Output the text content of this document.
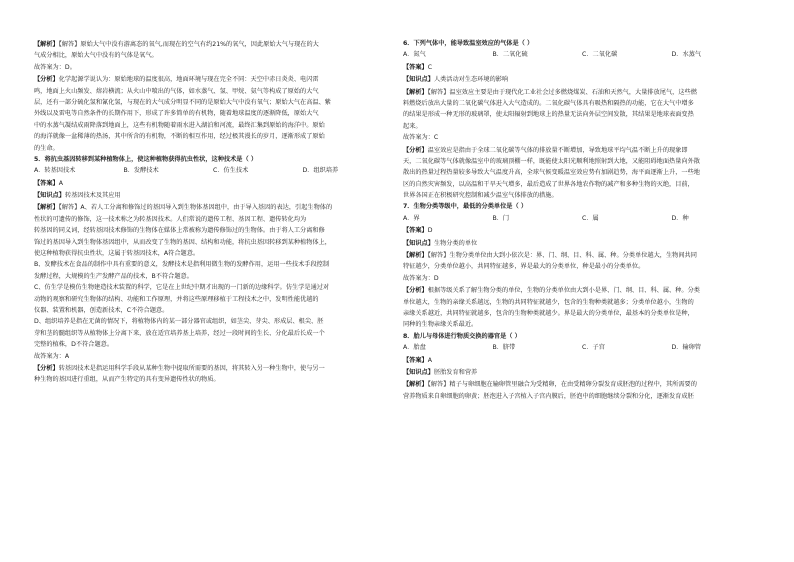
【解析】【解答】原始大气中没有游离态的氧气,而现在的空气有约21%的氧气，因此原始大气与现在的大
气成分相比，原始大气中没有的气体是氧气。
故答案为：D。
【分析】化学起源学说认为：原始地球的温度很高，地面环境与现在完全不同：天空中赤日炎炎、电闪雷
鸣，地面上火山频发、熔岩横流；从火山中喷出的气体，如水蒸气、氢、甲烷、氨气等构成了原始的大气
层，还有一部分硫化氢和氰化氢，与现在的大气成分明显不同的是原始大气中没有氧气；原始大气在高温、紫
外线以及雷电等自然条件的长期作用下，形成了许多简单的有机物，随着地球温度的逐渐降低，原始大气
中的水蒸气凝结成雨降落到地面上，这些有机物随着雨水进入湖泊和河流，最终汇集到原始的海洋中。原始
的海洋就像一盆稀薄的热汤，其中所含的有机物，不断的相互作用，经过极其漫长的岁月，逐渐形成了原始
的生命。
5．将抗虫基因转移到某种植物体上，使这种植物获得抗虫性状，这种技术是（ ）
A．转基因技术	B．发酵技术	C．仿生技术	D．组织培养
【答案】A
【知识点】转基因技术及其应用
【解析】【解答】A、若人工分离和修饰过的基因导入到生物体基因组中，由于导入基因的表达，引起生物体的
性状的可遗传的修饰，这一技术称之为转基因技术。人们常说的遗传工程、基因工程、遗传转化均为
转基因的同义词，经转基因技术修饰的生物体在媒体上常被称为遗传修饰过的生物体。由于将人工分离和修
饰过的基因导入到生物体基因组中，从而改变了生物的基因、结构和功能，将抗虫基因转移到某种植物体上，
使这种植物获得抗虫性状，这属于转基因技术，A符合题意。
B、发酵技术在食品的制作中具有重要的意义，发酵技术是指利用微生物的发酵作用，运用一些技术手段控制
发酵过程，大规模的生产发酵产品的技术，B不符合题意。
C、仿生学是模仿生物建造技术装置的科学，它是在上世纪中期才出现的一门新的边缘科学。仿生学是通过对
动物的观察和研究生物体的结构、功能和工作原理，并将这些原理移植于工程技术之中，发明性能优越的
仪器、装置和机器，创造新技术，C不符合题意。
D、组织培养是指在无菌的情况下，将植物体内的某一部分器官或组织，如茎尖、芽尖、形成层、根尖、胚
芽和茎的髓组织等从植物体上分离下来，放在适宜培养基上培养，经过一段时间的生长、分化最后长成一个
完整的植株，D不符合题意。
故答案为：A
【分析】转基因技术是指运用科学手段从某种生物中提取所需要的基因，将其转入另一种生物中，使与另一
种生物的基因进行重组，从而产生特定的具有变异遗传性状的物质。
6．下列气体中，能导致温室效应的气体是（ ）
A．氮气	B．二氧化硫	C．二氧化碳	D．水蒸气
【答案】C
【知识点】人类活动对生态环境的影响
【解析】【解答】温室效应主要是由于现代化工业社会过多燃烧煤炭、石油和天然气，大量排放尾气，这些燃
料燃烧后放出大量的二氧化碳气体进入大气造成的。二氧化碳气体具有吸热和隔热的功能，它在大气中增多
的结果是形成一种无形的玻璃罩，使太阳辐射到地球上的热量无法向外层空间发散，其结果是地球表面变热
起来。
故答案为：C
【分析】温室效应是指由于全球二氧化碳等气体的排放量不断增加，导致地球平均气温不断上升的现象即
天，二氧化碳等气体就像温室中的玻璃顶棚一样，既能使太阳光顺利地照射到大地，又能阻碍地面热量向外散
散出的热量过程热量较多导致大气温度升高，全球气候变暖温室效应势有加剧趋势，海平面逐渐上升，一些地
区的自然灾害频发，以高温和干旱天气增多，最后造成了世界各地农作物的减产和多种生物的灭绝，目前，
世界各国正在积极研究控制和减少温室气体排放的措施。
7．生物分类等级中，最低的分类单位是（ ）
A．界	B．门	C．属	D．种
【答案】D
【知识点】生物分类的单位
【解析】【解答】生物分类单位由大到小依次是：界、门、纲、目、科、属、种。分类单位越大，生物间共同
特征越少，分类单位越小，共同特征越多，界是最大的分类单位，种是最小的分类单位。
故答案为：D
【分析】根据等级关系了解生物分类的单位，生物的分类单位由大到小是界、门、纲、目、科、属、种。分类
单位越大，生物的亲缘关系越远，生物的共同特征就越少，包含的生物种类就越多；分类单位越小，生物的
亲缘关系越近，共同特征就越多，包含的生物种类就越少。界是最大的分类单位，最基本的分类单位是种，
同种的生物亲缘关系最近。
8．胎儿与母体进行物质交换的器官是（ ）
A．胎盘	B．脐带	C．子宫	D．输卵管
【答案】A
【知识点】胚胎发育和营养
【解析】【解答】精子与卵细胞在输卵管里融合为受精卵，在由受精卵分裂发育成胚泡的过程中，其所需要的
营养物质来自卵细胞的卵黄；胚泡进入子宫植入子宫内膜后，胚泡中的细胞继续分裂和分化，逐渐发育成胚
